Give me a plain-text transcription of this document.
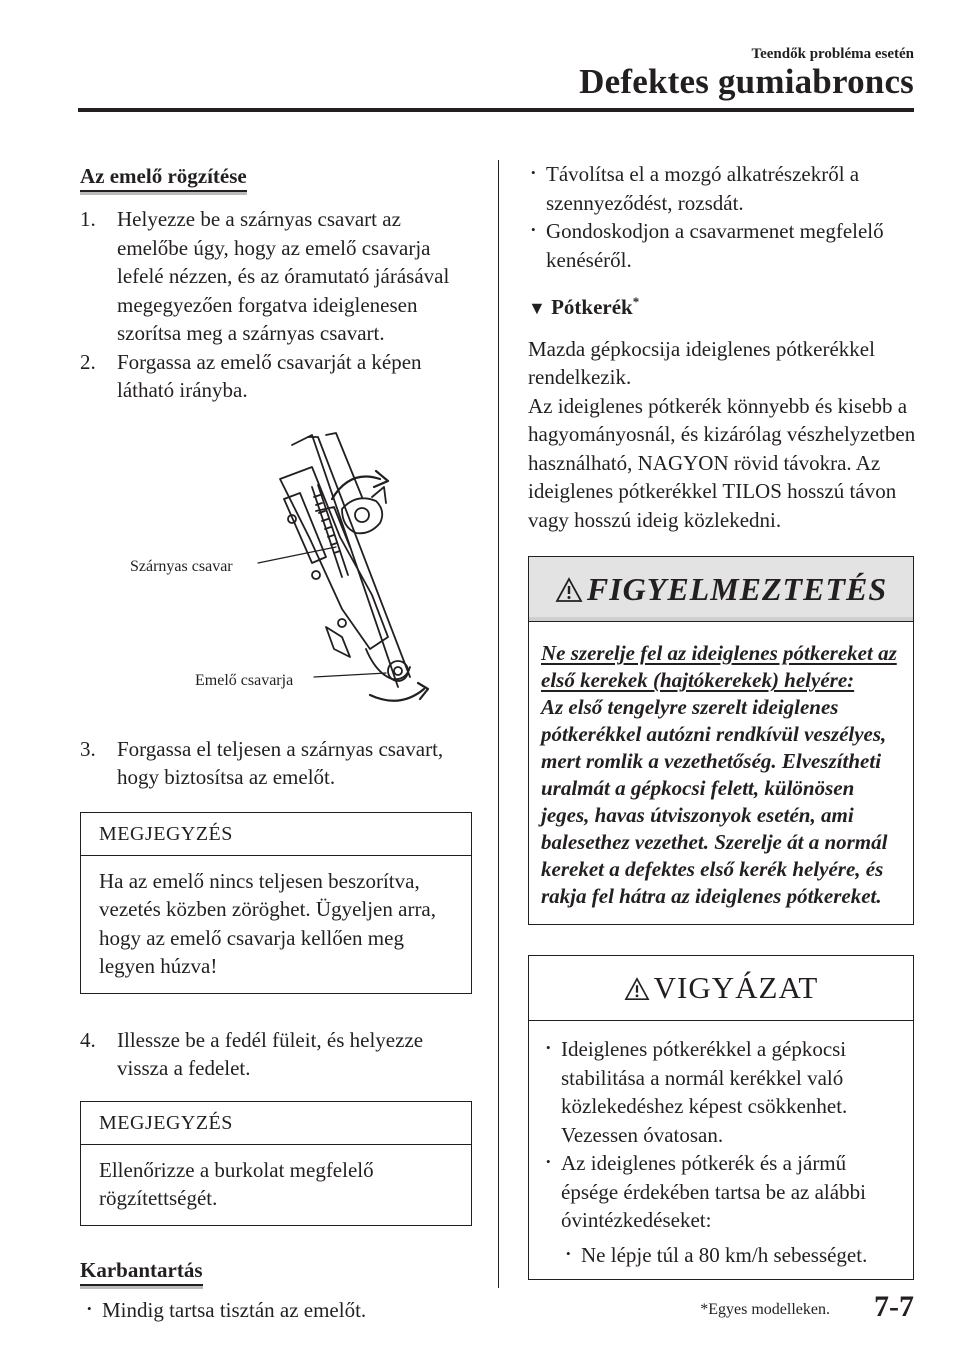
Teendők probléma esetén
Defektes gumiabroncs
Az emelő rögzítése
1. Helyezze be a szárnyas csavart az emelőbe úgy, hogy az emelő csavarja lefelé nézzen, és az óramutató járásával megegyezően forgatva ideiglenesen szorítsa meg a szárnyas csavart.
2. Forgassa az emelő csavarját a képen látható irányba.
Szárnyas csavar
Emelő csavarja
3. Forgassa el teljesen a szárnyas csavart, hogy biztosítsa az emelőt.
MEGJEGYZÉS
Ha az emelő nincs teljesen beszorítva, vezetés közben zöröghet. Ügyeljen arra, hogy az emelő csavarja kellően meg legyen húzva!
4. Illessze be a fedél füleit, és helyezze vissza a fedelet.
MEGJEGYZÉS
Ellenőrizze a burkolat megfelelő rögzítettségét.
Karbantartás
• Mindig tartsa tisztán az emelőt.
• Távolítsa el a mozgó alkatrészekről a szennyeződést, rozsdát.
• Gondoskodjon a csavarmenet megfelelő kenéséről.
▼ Pótkerék*
Mazda gépkocsija ideiglenes pótkerékkel rendelkezik.
Az ideiglenes pótkerék könnyebb és kisebb a hagyományosnál, és kizárólag vészhelyzetben használható, NAGYON rövid távokra. Az ideiglenes pótkerékkel TILOS hosszú távon vagy hosszú ideig közlekedni.
FIGYELMEZTETÉS
Ne szerelje fel az ideiglenes pótkereket az első kerekek (hajtókerekek) helyére:
Az első tengelyre szerelt ideiglenes pótkerékkel autózni rendkívül veszélyes, mert romlik a vezethetőség. Elveszítheti uralmát a gépkocsi felett, különösen jeges, havas útviszonyok esetén, ami balesethez vezethet. Szerelje át a normál kereket a defektes első kerék helyére, és rakja fel hátra az ideiglenes pótkereket.
VIGYÁZAT
• Ideiglenes pótkerékkel a gépkocsi stabilitása a normál kerékkel való közlekedéshez képest csökkenhet. Vezessen óvatosan.
• Az ideiglenes pótkerék és a jármű épsége érdekében tartsa be az alábbi óvintézkedéseket:
• Ne lépje túl a 80 km/h sebességet.
*Egyes modelleken. 7-7
